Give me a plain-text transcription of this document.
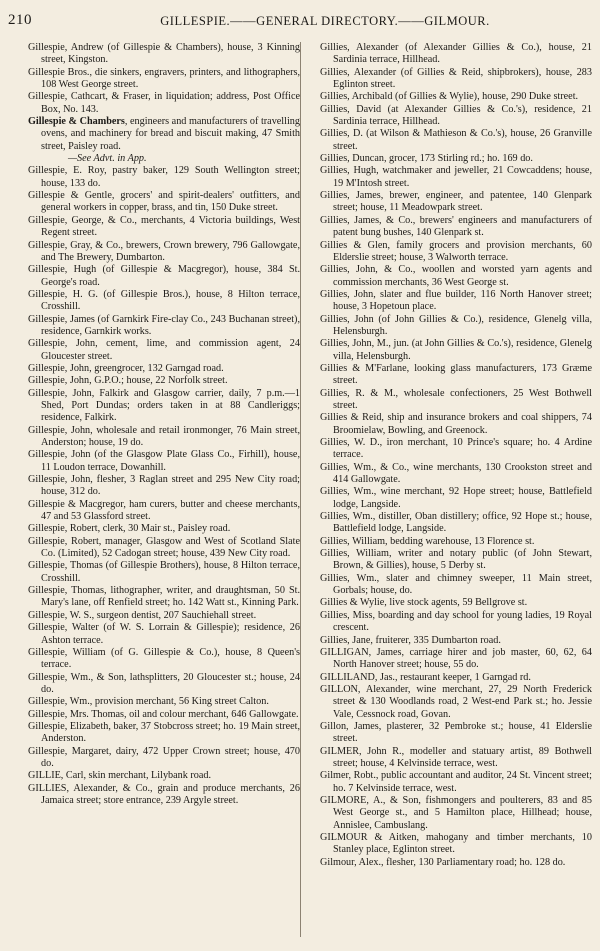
210	GILLESPIE.——GENERAL DIRECTORY.——GILMOUR.

Gillespie, Andrew (of Gillespie & Chambers), house, 3 Kinning street, Kingston.

Gillespie Bros., die sinkers, engravers, printers, and lithographers, 108 West George street.

Gillespie, Cathcart, & Fraser, in liquidation; address, Post Office Box, No. 143.

Gillespie & Chambers, engineers and manufacturers of travelling ovens, and machinery for bread and biscuit making, 47 Smith street, Paisley road.

—See Advt. in App.

Gillespie, E. Roy, pastry baker, 129 South Wellington street; house, 133 do.

Gillespie & Gentle, grocers' and spirit-dealers' outfitters, and general workers in copper, brass, and tin, 150 Duke street.

Gillespie, George, & Co., merchants, 4 Victoria buildings, West Regent street.

Gillespie, Gray, & Co., brewers, Crown brewery, 796 Gallowgate, and The Brewery, Dumbarton.

Gillespie, Hugh (of Gillespie & Macgregor), house, 384 St. George's road.

Gillespie, H. G. (of Gillespie Bros.), house, 8 Hilton terrace, Crosshill.

Gillespie, James (of Garnkirk Fire-clay Co., 243 Buchanan street), residence, Garnkirk works.

Gillespie, John, cement, lime, and commission agent, 24 Gloucester street.

Gillespie, John, greengrocer, 132 Garngad road.

Gillespie, John, G.P.O.; house, 22 Norfolk street.

Gillespie, John, Falkirk and Glasgow carrier, daily, 7 p.m.—1 Shed, Port Dundas; orders taken in at 88 Candleriggs; residence, Falkirk.

Gillespie, John, wholesale and retail ironmonger, 76 Main street, Anderston; house, 19 do.

Gillespie, John (of the Glasgow Plate Glass Co., Firhill), house, 11 Loudon terrace, Dowanhill.

Gillespie, John, flesher, 3 Raglan street and 295 New City road; house, 312 do.

Gillespie & Macgregor, ham curers, butter and cheese merchants, 47 and 53 Glassford street.

Gillespie, Robert, clerk, 30 Mair st., Paisley road.

Gillespie, Robert, manager, Glasgow and West of Scotland Slate Co. (Limited), 52 Cadogan street; house, 439 New City road.

Gillespie, Thomas (of Gillespie Brothers), house, 8 Hilton terrace, Crosshill.

Gillespie, Thomas, lithographer, writer, and draughtsman, 50 St. Mary's lane, off Renfield street; ho. 142 Watt st., Kinning Park.

Gillespie, W. S., surgeon dentist, 207 Sauchiehall street.

Gillespie, Walter (of W. S. Lorrain & Gillespie); residence, 26 Ashton terrace.

Gillespie, William (of G. Gillespie & Co.), house, 8 Queen's terrace.

Gillespie, Wm., & Son, lathsplitters, 20 Gloucester st.; house, 24 do.

Gillespie, Wm., provision merchant, 56 King street Calton.

Gillespie, Mrs. Thomas, oil and colour merchant, 646 Gallowgate.

Gillespie, Elizabeth, baker, 37 Stobcross street; ho. 19 Main street, Anderston.

Gillespie, Margaret, dairy, 472 Upper Crown street; house, 470 do.

GILLIE, Carl, skin merchant, Lilybank road.

GILLIES, Alexander, & Co., grain and produce merchants, 26 Jamaica street; store entrance, 239 Argyle street.

Gillies, Alexander (of Alexander Gillies & Co.), house, 21 Sardinia terrace, Hillhead.

Gillies, Alexander (of Gillies & Reid, shipbrokers), house, 283 Eglinton street.

Gillies, Archibald (of Gillies & Wylie), house, 290 Duke street.

Gillies, David (at Alexander Gillies & Co.'s), residence, 21 Sardinia terrace, Hillhead.

Gillies, D. (at Wilson & Mathieson & Co.'s), house, 26 Granville street.

Gillies, Duncan, grocer, 173 Stirling rd.; ho. 169 do.

Gillies, Hugh, watchmaker and jeweller, 21 Cowcaddens; house, 19 M'Intosh street.

Gillies, James, brewer, engineer, and patentee, 140 Glenpark street; house, 11 Meadowpark street.

Gillies, James, & Co., brewers' engineers and manufacturers of patent bung bushes, 140 Glenpark st.

Gillies & Glen, family grocers and provision merchants, 60 Elderslie street; house, 3 Walworth terrace.

Gillies, John, & Co., woollen and worsted yarn agents and commission merchants, 36 West George st.

Gillies, John, slater and flue builder, 116 North Hanover street; house, 3 Hopetoun place.

Gillies, John (of John Gillies & Co.), residence, Glenelg villa, Helensburgh.

Gillies, John, M., jun. (at John Gillies & Co.'s), residence, Glenelg villa, Helensburgh.

Gillies & M'Farlane, looking glass manufacturers, 173 Græme street.

Gillies, R. & M., wholesale confectioners, 25 West Bothwell street.

Gillies & Reid, ship and insurance brokers and coal shippers, 74 Broomielaw, Bowling, and Greenock.

Gillies, W. D., iron merchant, 10 Prince's square; ho. 4 Ardine terrace.

Gillies, Wm., & Co., wine merchants, 130 Crookston street and 414 Gallowgate.

Gillies, Wm., wine merchant, 92 Hope street; house, Battlefield lodge, Langside.

Gillies, Wm., distiller, Oban distillery; office, 92 Hope st.; house, Battlefield lodge, Langside.

Gillies, William, bedding warehouse, 13 Florence st.

Gillies, William, writer and notary public (of John Stewart, Brown, & Gillies), house, 5 Derby st.

Gillies, Wm., slater and chimney sweeper, 11 Main street, Gorbals; house, do.

Gillies & Wylie, live stock agents, 59 Bellgrove st.

Gillies, Miss, boarding and day school for young ladies, 19 Royal crescent.

Gillies, Jane, fruiterer, 335 Dumbarton road.

GILLIGAN, James, carriage hirer and job master, 60, 62, 64 North Hanover street; house, 55 do.

GILLILAND, Jas., restaurant keeper, 1 Garngad rd.

GILLON, Alexander, wine merchant, 27, 29 North Frederick street & 130 Woodlands road, 2 West-end Park st.; ho. Jessie Vale, Cessnock road, Govan.

Gillon, James, plasterer, 32 Pembroke st.; house, 41 Elderslie street.

GILMER, John R., modeller and statuary artist, 89 Bothwell street; house, 4 Kelvinside terrace, west.

Gilmer, Robt., public accountant and auditor, 24 St. Vincent street; ho. 7 Kelvinside terrace, west.

GILMORE, A., & Son, fishmongers and poulterers, 83 and 85 West George st., and 5 Hamilton place, Hillhead; house, Annislee, Cambuslang.

GILMOUR & Aitken, mahogany and timber merchants, 10 Stanley place, Eglinton street.

Gilmour, Alex., flesher, 130 Parliamentary road; ho. 128 do.
